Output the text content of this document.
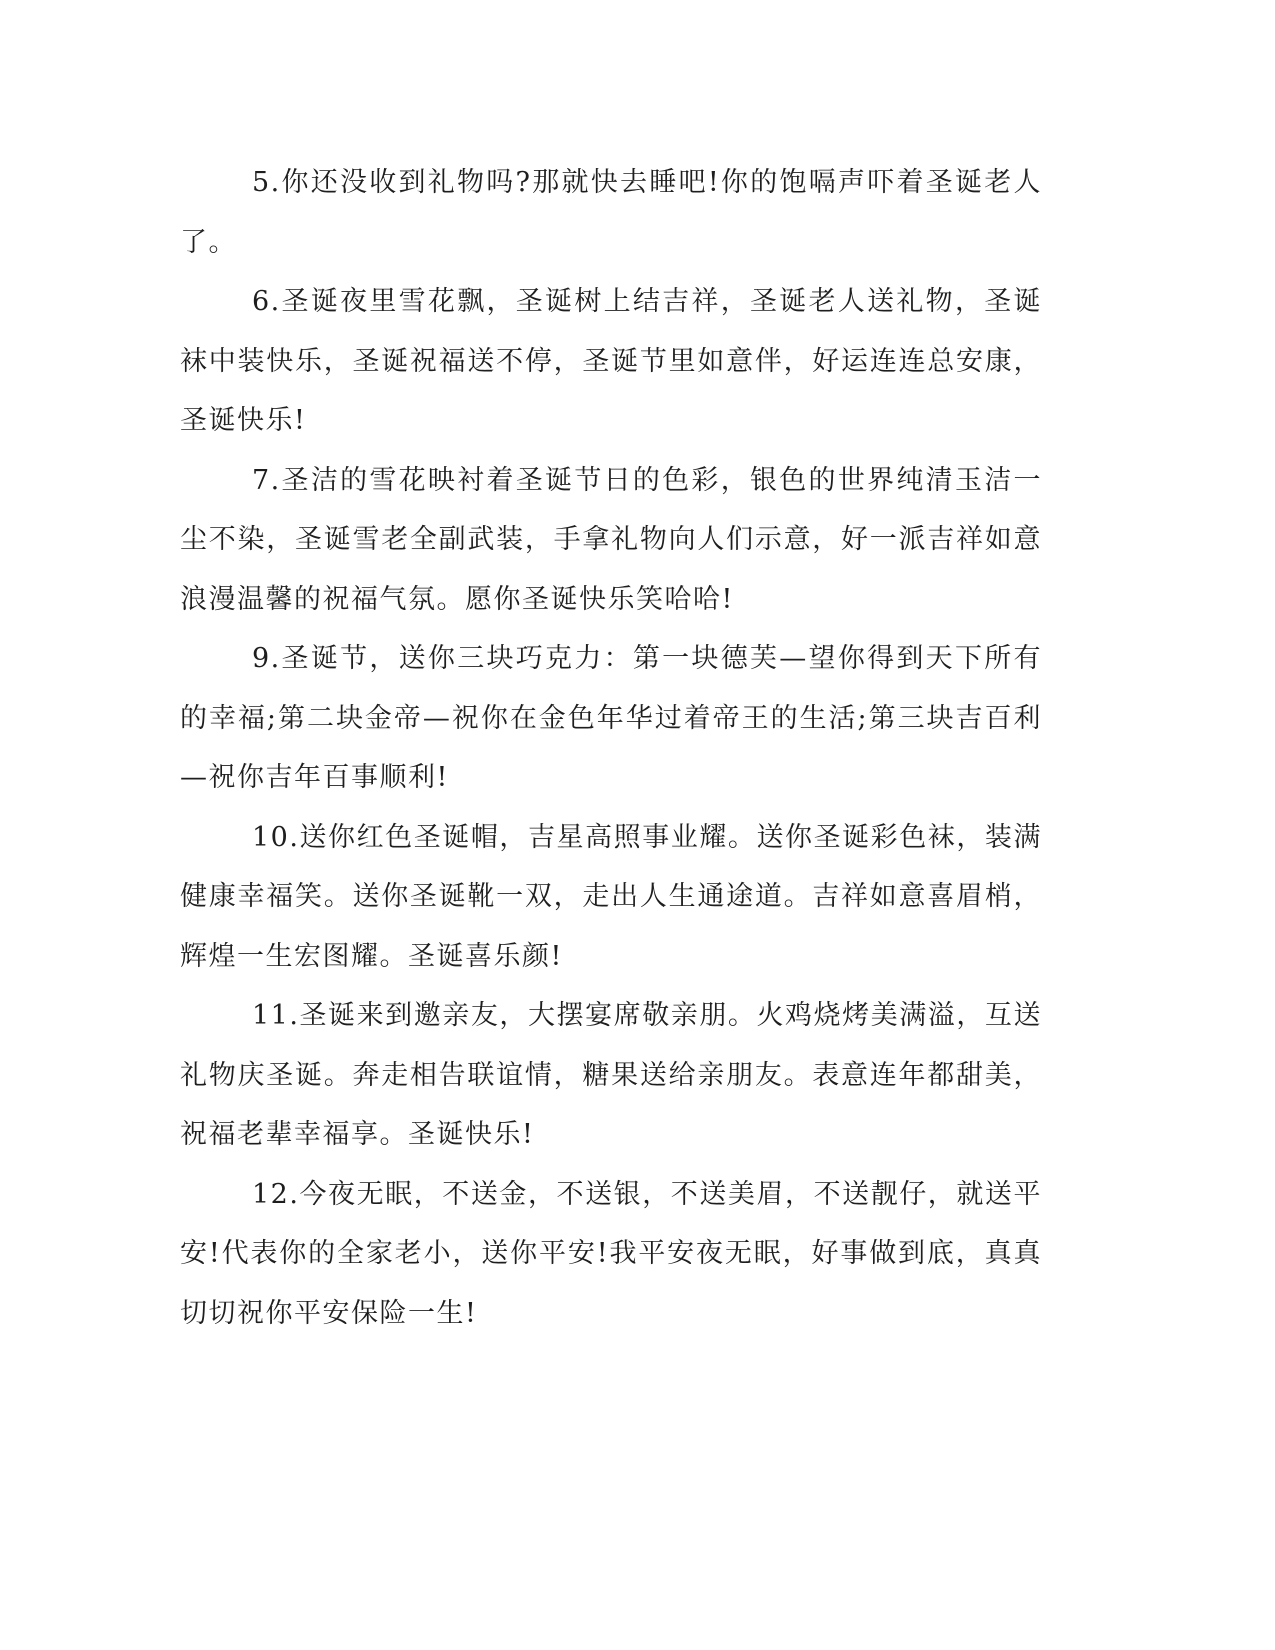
5.你还没收到礼物吗?那就快去睡吧!你的饱嗝声吓着圣诞老人了。

6.圣诞夜里雪花飘，圣诞树上结吉祥，圣诞老人送礼物，圣诞袜中装快乐，圣诞祝福送不停，圣诞节里如意伴，好运连连总安康，圣诞快乐!

7.圣洁的雪花映衬着圣诞节日的色彩，银色的世界纯清玉洁一尘不染，圣诞雪老全副武装，手拿礼物向人们示意，好一派吉祥如意浪漫温馨的祝福气氛。愿你圣诞快乐笑哈哈!

9.圣诞节，送你三块巧克力：第一块德芙—望你得到天下所有的幸福;第二块金帝—祝你在金色年华过着帝王的生活;第三块吉百利—祝你吉年百事顺利!

10.送你红色圣诞帽，吉星高照事业耀。送你圣诞彩色袜，装满健康幸福笑。送你圣诞靴一双，走出人生通途道。吉祥如意喜眉梢，辉煌一生宏图耀。圣诞喜乐颜!

11.圣诞来到邀亲友，大摆宴席敬亲朋。火鸡烧烤美满溢，互送礼物庆圣诞。奔走相告联谊情，糖果送给亲朋友。表意连年都甜美，祝福老辈幸福享。圣诞快乐!

12.今夜无眠，不送金，不送银，不送美眉，不送靓仔，就送平安!代表你的全家老小，送你平安!我平安夜无眠，好事做到底，真真切切祝你平安保险一生!
